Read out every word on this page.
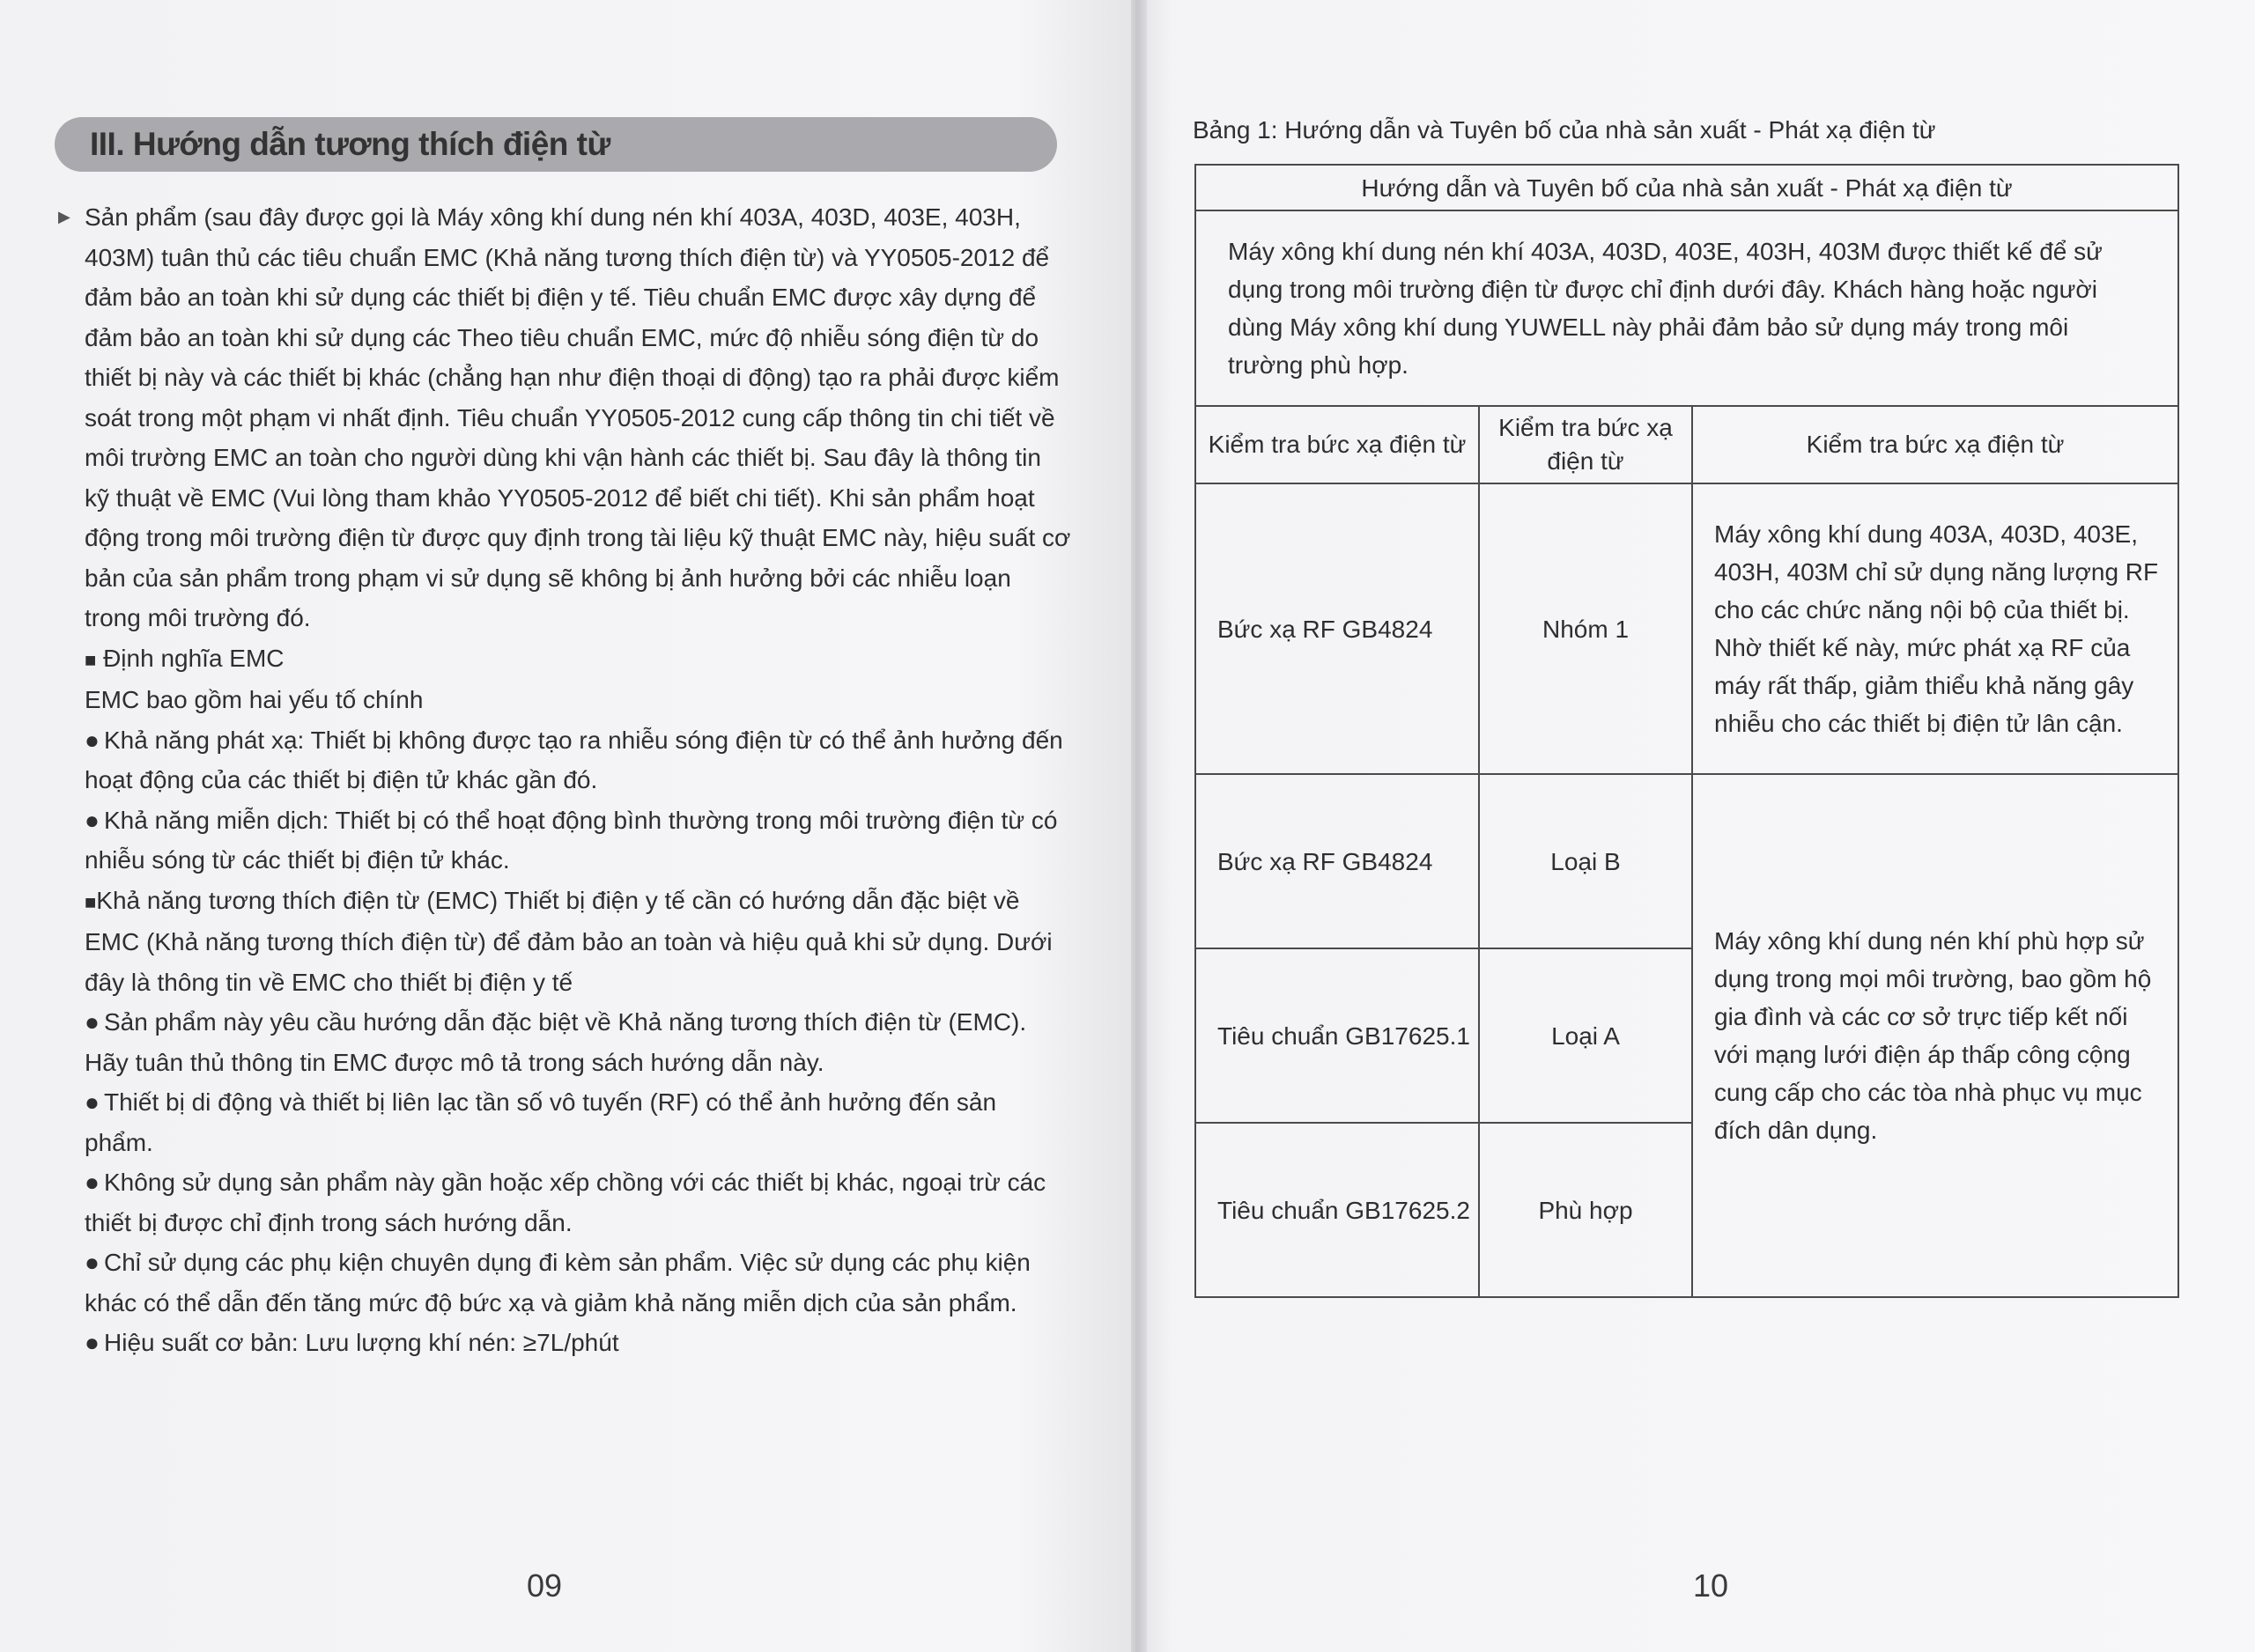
III. Hướng dẫn tương thích điện từ

▶ Sản phẩm (sau đây được gọi là Máy xông khí dung nén khí 403A, 403D, 403E, 403H, 403M) tuân thủ các tiêu chuẩn EMC (Khả năng tương thích điện từ) và YY0505-2012 để đảm bảo an toàn khi sử dụng các thiết bị điện y tế. Tiêu chuẩn EMC được xây dựng để đảm bảo an toàn khi sử dụng các Theo tiêu chuẩn EMC, mức độ nhiễu sóng điện từ do thiết bị này và các thiết bị khác (chẳng hạn như điện thoại di động) tạo ra phải được kiểm soát trong một phạm vi nhất định. Tiêu chuẩn YY0505-2012 cung cấp thông tin chi tiết về môi trường EMC an toàn cho người dùng khi vận hành các thiết bị. Sau đây là thông tin kỹ thuật về EMC (Vui lòng tham khảo YY0505-2012 để biết chi tiết). Khi sản phẩm hoạt động trong môi trường điện từ được quy định trong tài liệu kỹ thuật EMC này, hiệu suất cơ bản của sản phẩm trong phạm vi sử dụng sẽ không bị ảnh hưởng bởi các nhiễu loạn trong môi trường đó.

■ Định nghĩa EMC

EMC bao gồm hai yếu tố chính

● Khả năng phát xạ: Thiết bị không được tạo ra nhiễu sóng điện từ có thể ảnh hưởng đến hoạt động của các thiết bị điện tử khác gần đó.

● Khả năng miễn dịch: Thiết bị có thể hoạt động bình thường trong môi trường điện từ có nhiễu sóng từ các thiết bị điện tử khác.

■Khả năng tương thích điện từ (EMC) Thiết bị điện y tế cần có hướng dẫn đặc biệt về EMC (Khả năng tương thích điện từ) để đảm bảo an toàn và hiệu quả khi sử dụng. Dưới đây là thông tin về EMC cho thiết bị điện y tế

● Sản phẩm này yêu cầu hướng dẫn đặc biệt về Khả năng tương thích điện từ (EMC). Hãy tuân thủ thông tin EMC được mô tả trong sách hướng dẫn này.

● Thiết bị di động và thiết bị liên lạc tần số vô tuyến (RF) có thể ảnh hưởng đến sản phẩm.

● Không sử dụng sản phẩm này gần hoặc xếp chồng với các thiết bị khác, ngoại trừ các thiết bị được chỉ định trong sách hướng dẫn.

● Chỉ sử dụng các phụ kiện chuyên dụng đi kèm sản phẩm. Việc sử dụng các phụ kiện khác có thể dẫn đến tăng mức độ bức xạ và giảm khả năng miễn dịch của sản phẩm.

● Hiệu suất cơ bản: Lưu lượng khí nén: ≥7L/phút

09
Bảng 1: Hướng dẫn và Tuyên bố của nhà sản xuất - Phát xạ điện từ
Hướng dẫn và Tuyên bố của nhà sản xuất - Phát xạ điện từ		
Máy xông khí dung nén khí 403A, 403D, 403E, 403H, 403M được thiết kế để sử dụng trong môi trường điện từ được chỉ định dưới đây. Khách hàng hoặc người dùng Máy xông khí dung YUWELL này phải đảm bảo sử dụng máy trong môi trường phù hợp.		
Kiểm tra bức xạ điện từ	Kiểm tra bức xạ điện từ	Kiểm tra bức xạ điện từ
Bức xạ RF GB4824	Nhóm 1	Máy xông khí dung 403A, 403D, 403E, 403H, 403M chỉ sử dụng năng lượng RF cho các chức năng nội bộ của thiết bị. Nhờ thiết kế này, mức phát xạ RF của máy rất thấp, giảm thiểu khả năng gây nhiễu cho các thiết bị điện tử lân cận.
Bức xạ RF GB4824	Loại B	Máy xông khí dung nén khí phù hợp sử dụng trong mọi môi trường, bao gồm hộ gia đình và các cơ sở trực tiếp kết nối với mạng lưới điện áp thấp công cộng cung cấp cho các tòa nhà phục vụ mục đích dân dụng.
Tiêu chuẩn GB17625.1	Loại A	
Tiêu chuẩn GB17625.2	Phù hợp	
10
